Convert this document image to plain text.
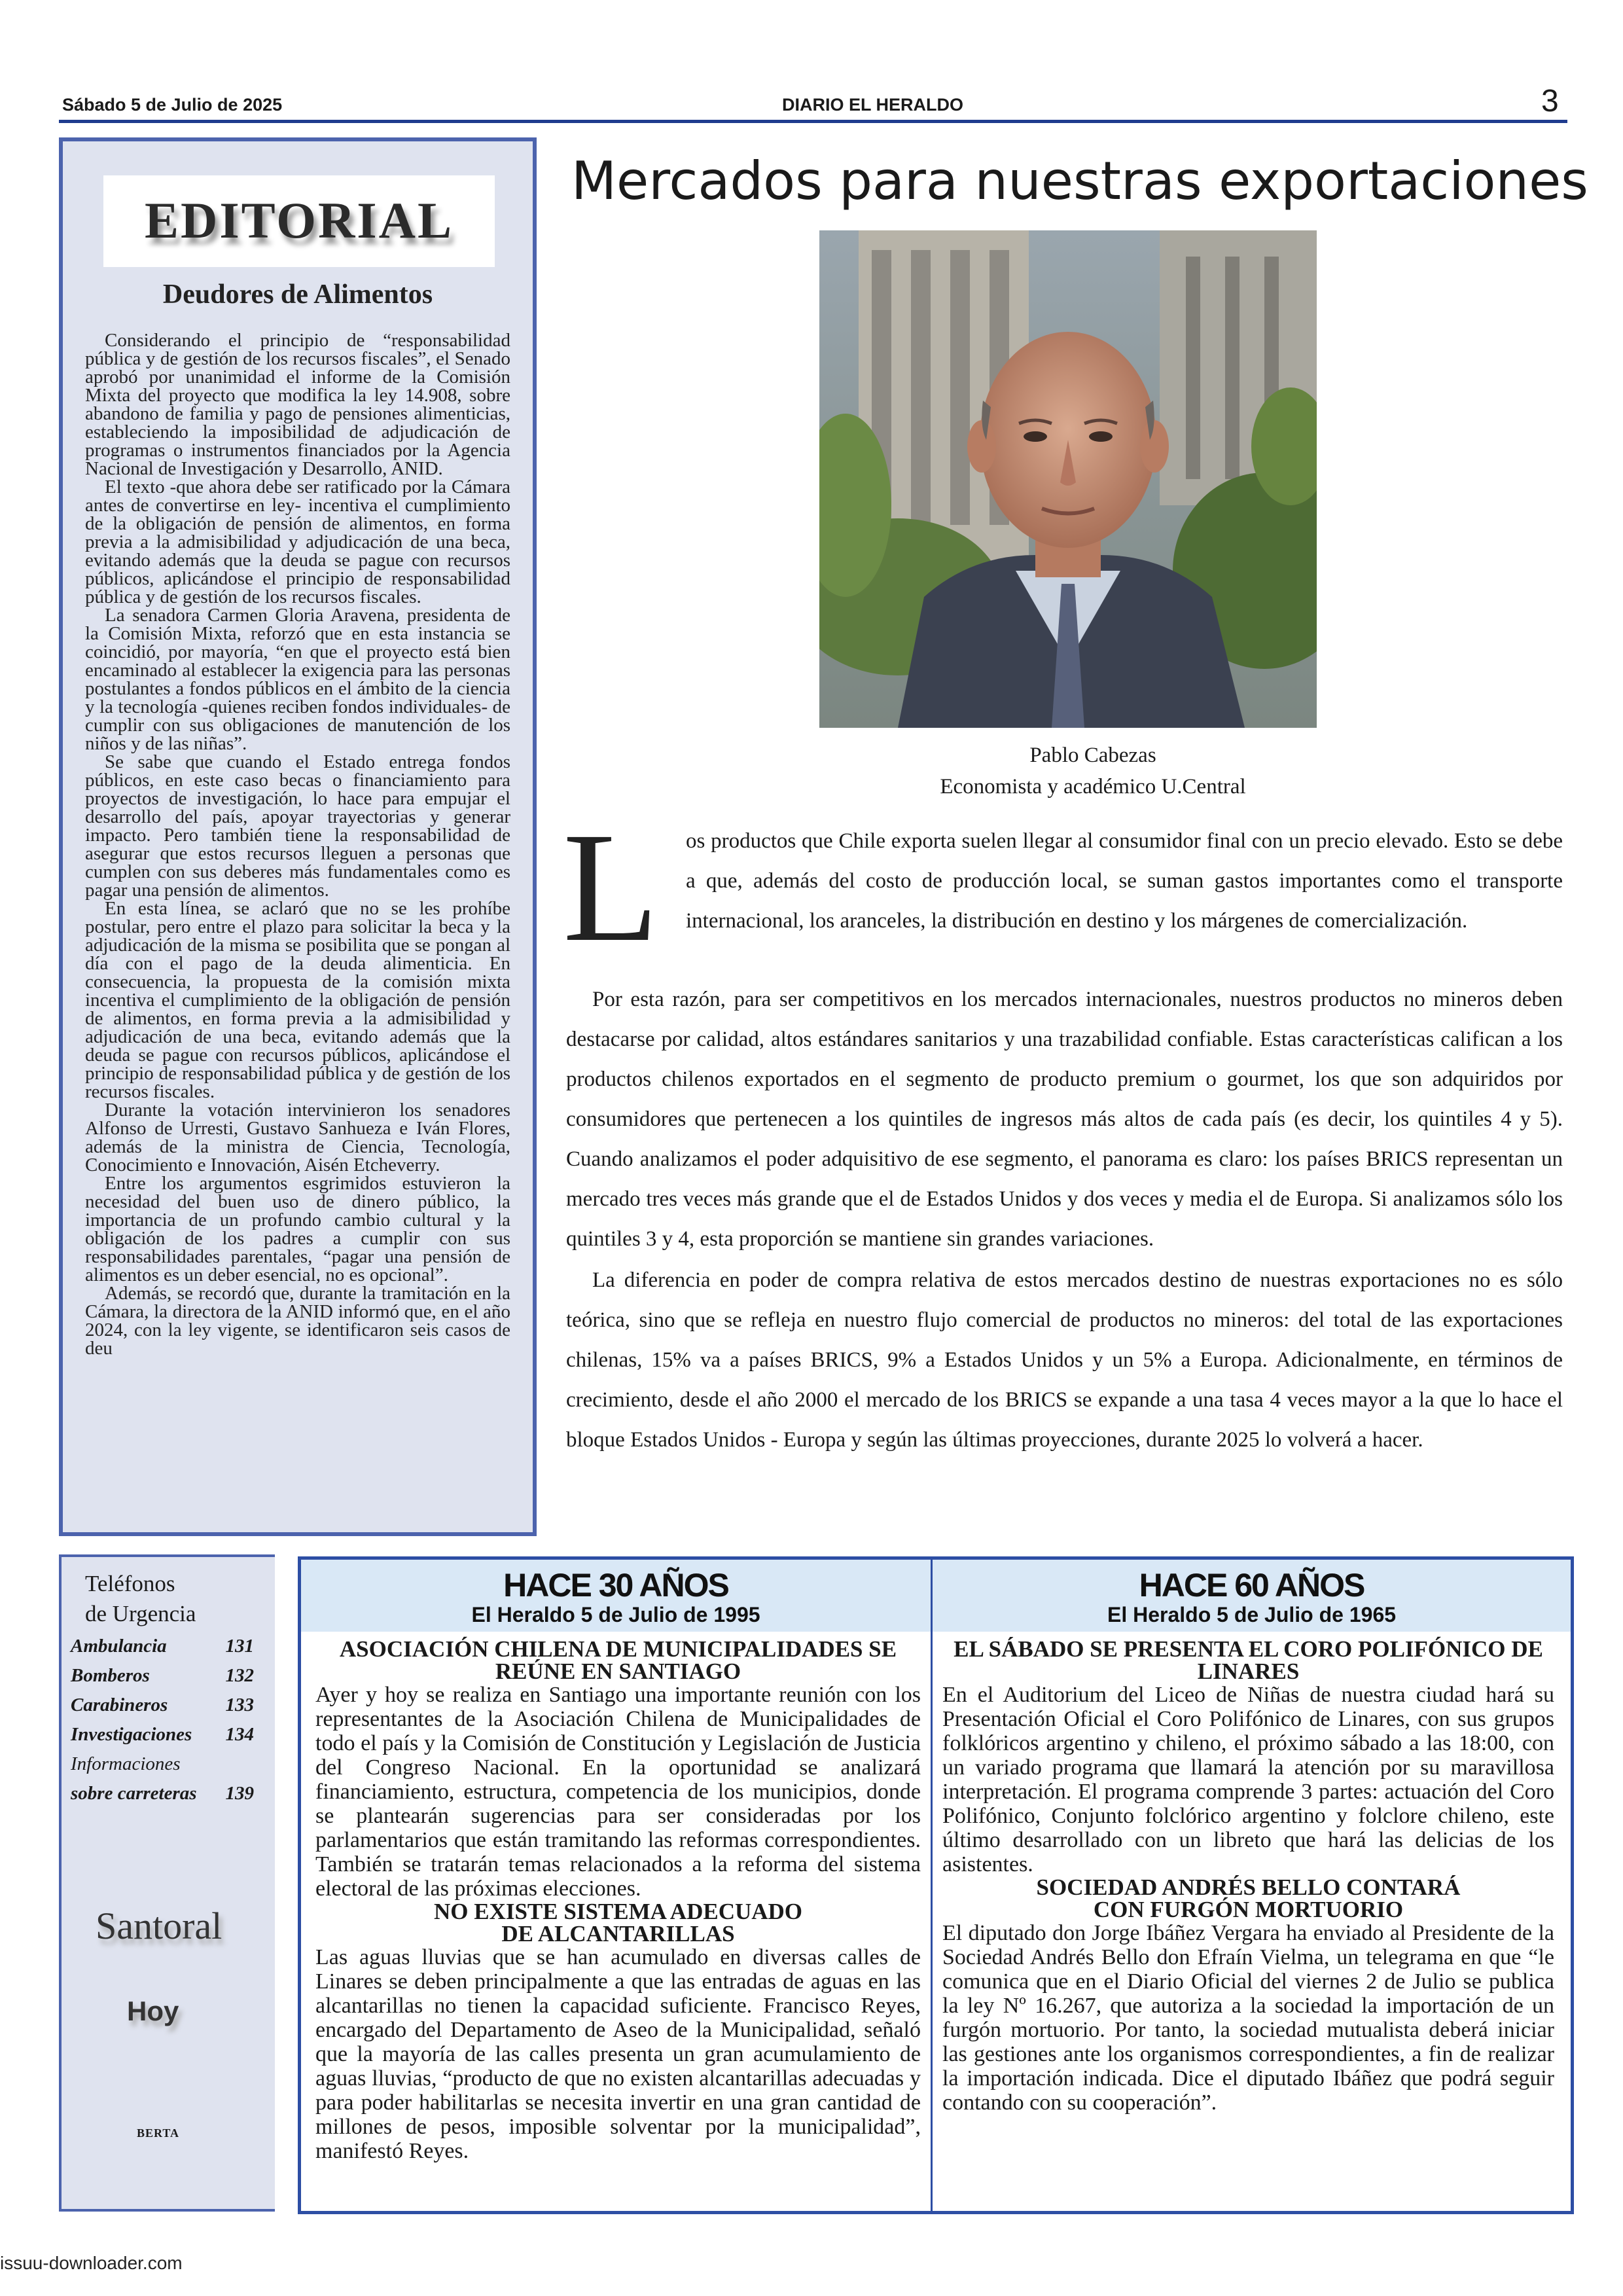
Sábado 5 de Julio de 2025	DIARIO EL HERALDO	3
EDITORIAL
Deudores de Alimentos

Considerando el principio de “responsabilidad pública y de gestión de los recursos fiscales”, el Senado aprobó por unanimidad el informe de la Comisión Mixta del proyecto que modifica la ley 14.908, sobre abandono de familia y pago de pensiones alimenticias, estableciendo la imposibilidad de adjudicación de programas o instrumentos financiados por la Agencia Nacional de Investigación y Desarrollo, ANID.

El texto -que ahora debe ser ratificado por la Cámara antes de convertirse en ley- incentiva el cumplimiento de la obligación de pensión de alimentos, en forma previa a la admisibilidad y adjudicación de una beca, evitando además que la deuda se pague con recursos públicos, aplicándose el principio de responsabilidad pública y de gestión de los recursos fiscales.

La senadora Carmen Gloria Aravena, presidenta de la Comisión Mixta, reforzó que en esta instancia se coincidió, por mayoría, “en que el proyecto está bien encaminado al establecer la exigencia para las personas postulantes a fondos públicos en el ámbito de la ciencia y la tecnología -quienes reciben fondos individuales- de cumplir con sus obligaciones de manutención de los niños y de las niñas”.

Se sabe que cuando el Estado entrega fondos públicos, en este caso becas o financiamiento para proyectos de investigación, lo hace para empujar el desarrollo del país, apoyar trayectorias y generar impacto. Pero también tiene la responsabilidad de asegurar que estos recursos lleguen a personas que cumplen con sus deberes más fundamentales como es pagar una pensión de alimentos.

En esta línea, se aclaró que no se les prohíbe postular, pero entre el plazo para solicitar la beca y la adjudicación de la misma se posibilita que se pongan al día con el pago de la deuda alimenticia. En consecuencia, la propuesta de la comisión mixta incentiva el cumplimiento de la obligación de pensión de alimentos, en forma previa a la admisibilidad y adjudicación de una beca, evitando además que la deuda se pague con recursos públicos, aplicándose el principio de responsabilidad pública y de gestión de los recursos fiscales.

Durante la votación intervinieron los senadores Alfonso de Urresti, Gustavo Sanhueza e Iván Flores, además de la ministra de Ciencia, Tecnología, Conocimiento e Innovación, Aisén Etcheverry.

Entre los argumentos esgrimidos estuvieron la necesidad del buen uso de dinero público, la importancia de un profundo cambio cultural y la obligación de los padres a cumplir con sus responsabilidades parentales, “pagar una pensión de alimentos es un deber esencial, no es opcional”.

Además, se recordó que, durante la tramitación en la Cámara, la directora de la ANID informó que, en el año 2024, con la ley vigente, se identificaron seis casos de deu

Mercados para nuestras exportaciones
Pablo Cabezas
Economista y académico U.Central
L os productos que Chile exporta suelen llegar al consumidor final con un precio elevado. Esto se debe a que, además del costo de producción local, se suman gastos importantes como el transporte internacional, los aranceles, la distribución en destino y los márgenes de comercialización.

Por esta razón, para ser competitivos en los mercados internacionales, nuestros productos no mineros deben destacarse por calidad, altos estándares sanitarios y una trazabilidad confiable. Estas características califican a los productos chilenos exportados en el segmento de producto premium o gourmet, los que son adquiridos por consumidores que pertenecen a los quintiles de ingresos más altos de cada país (es decir, los quintiles 4 y 5). Cuando analizamos el poder adquisitivo de ese segmento, el panorama es claro: los países BRICS representan un mercado tres veces más grande que el de Estados Unidos y dos veces y media el de Europa. Si analizamos sólo los quintiles 3 y 4, esta proporción se mantiene sin grandes variaciones.

La diferencia en poder de compra relativa de estos mercados destino de nuestras exportaciones no es sólo teórica, sino que se refleja en nuestro flujo comercial de productos no mineros: del total de las exportaciones chilenas, 15% va a países BRICS, 9% a Estados Unidos y un 5% a Europa. Adicionalmente, en términos de crecimiento, desde el año 2000 el mercado de los BRICS se expande a una tasa 4 veces mayor a la que lo hace el bloque Estados Unidos - Europa y según las últimas proyecciones, durante 2025 lo volverá a hacer.

Teléfonos
de Urgencia
Ambulancia	131
Bomberos	132
Carabineros	133
Investigaciones 134
Informaciones
sobre carreteras 139
Santoral
Hoy
BERTA
HACE 30 AÑOS
El Heraldo 5 de Julio de 1995

ASOCIACIÓN CHILENA DE MUNICIPALIDADES SE REÚNE EN SANTIAGO

Ayer y hoy se realiza en Santiago una importante reunión con los representantes de la Asociación Chilena de Municipalidades de todo el país y la Comisión de Constitución y Legislación de Justicia del Congreso Nacional. En la oportunidad se analizará financiamiento, estructura, competencia de los municipios, donde se plantearán sugerencias para ser consideradas por los parlamentarios que están tramitando las reformas correspondientes. También se tratarán temas relacionados a la reforma del sistema electoral de las próximas elecciones.

NO EXISTE SISTEMA ADECUADO

DE ALCANTARILLAS

Las aguas lluvias que se han acumulado en diversas calles de Linares se deben principalmente a que las entradas de aguas en las alcantarillas no tienen la capacidad suficiente. Francisco Reyes, encargado del Departamento de Aseo de la Municipalidad, señaló que la mayoría de las calles presenta un gran acumulamiento de aguas lluvias, “producto de que no existen alcantarillas adecuadas y para poder habilitarlas se necesita invertir en una gran cantidad de millones de pesos, imposible solventar por la municipalidad”, manifestó Reyes.

HACE 60 AÑOS
El Heraldo 5 de Julio de 1965

EL SÁBADO SE PRESENTA EL CORO POLIFÓNICO DE LINARES

En el Auditorium del Liceo de Niñas de nuestra ciudad hará su Presentación Oficial el Coro Polifónico de Linares, con sus grupos folklóricos argentino y chileno, el próximo sábado a las 18:00, con un variado programa que llamará la atención por su maravillosa interpretación. El programa comprende 3 partes: actuación del Coro Polifónico, Conjunto folclórico argentino y folclore chileno, este último desarrollado con un libreto que hará las delicias de los asistentes.

SOCIEDAD ANDRÉS BELLO CONTARÁ

CON FURGÓN MORTUORIO

El diputado don Jorge Ibáñez Vergara ha enviado al Presidente de la Sociedad Andrés Bello don Efraín Vielma, un telegrama en que “le comunica que en el Diario Oficial del viernes 2 de Julio se publica la ley Nº 16.267, que autoriza a la sociedad la importación de un furgón mortuorio. Por tanto, la sociedad mutualista deberá iniciar las gestiones ante los organismos correspondientes, a fin de realizar la importación indicada. Dice el diputado Ibáñez que podrá seguir contando con su cooperación”.

issuu-downloader.com
